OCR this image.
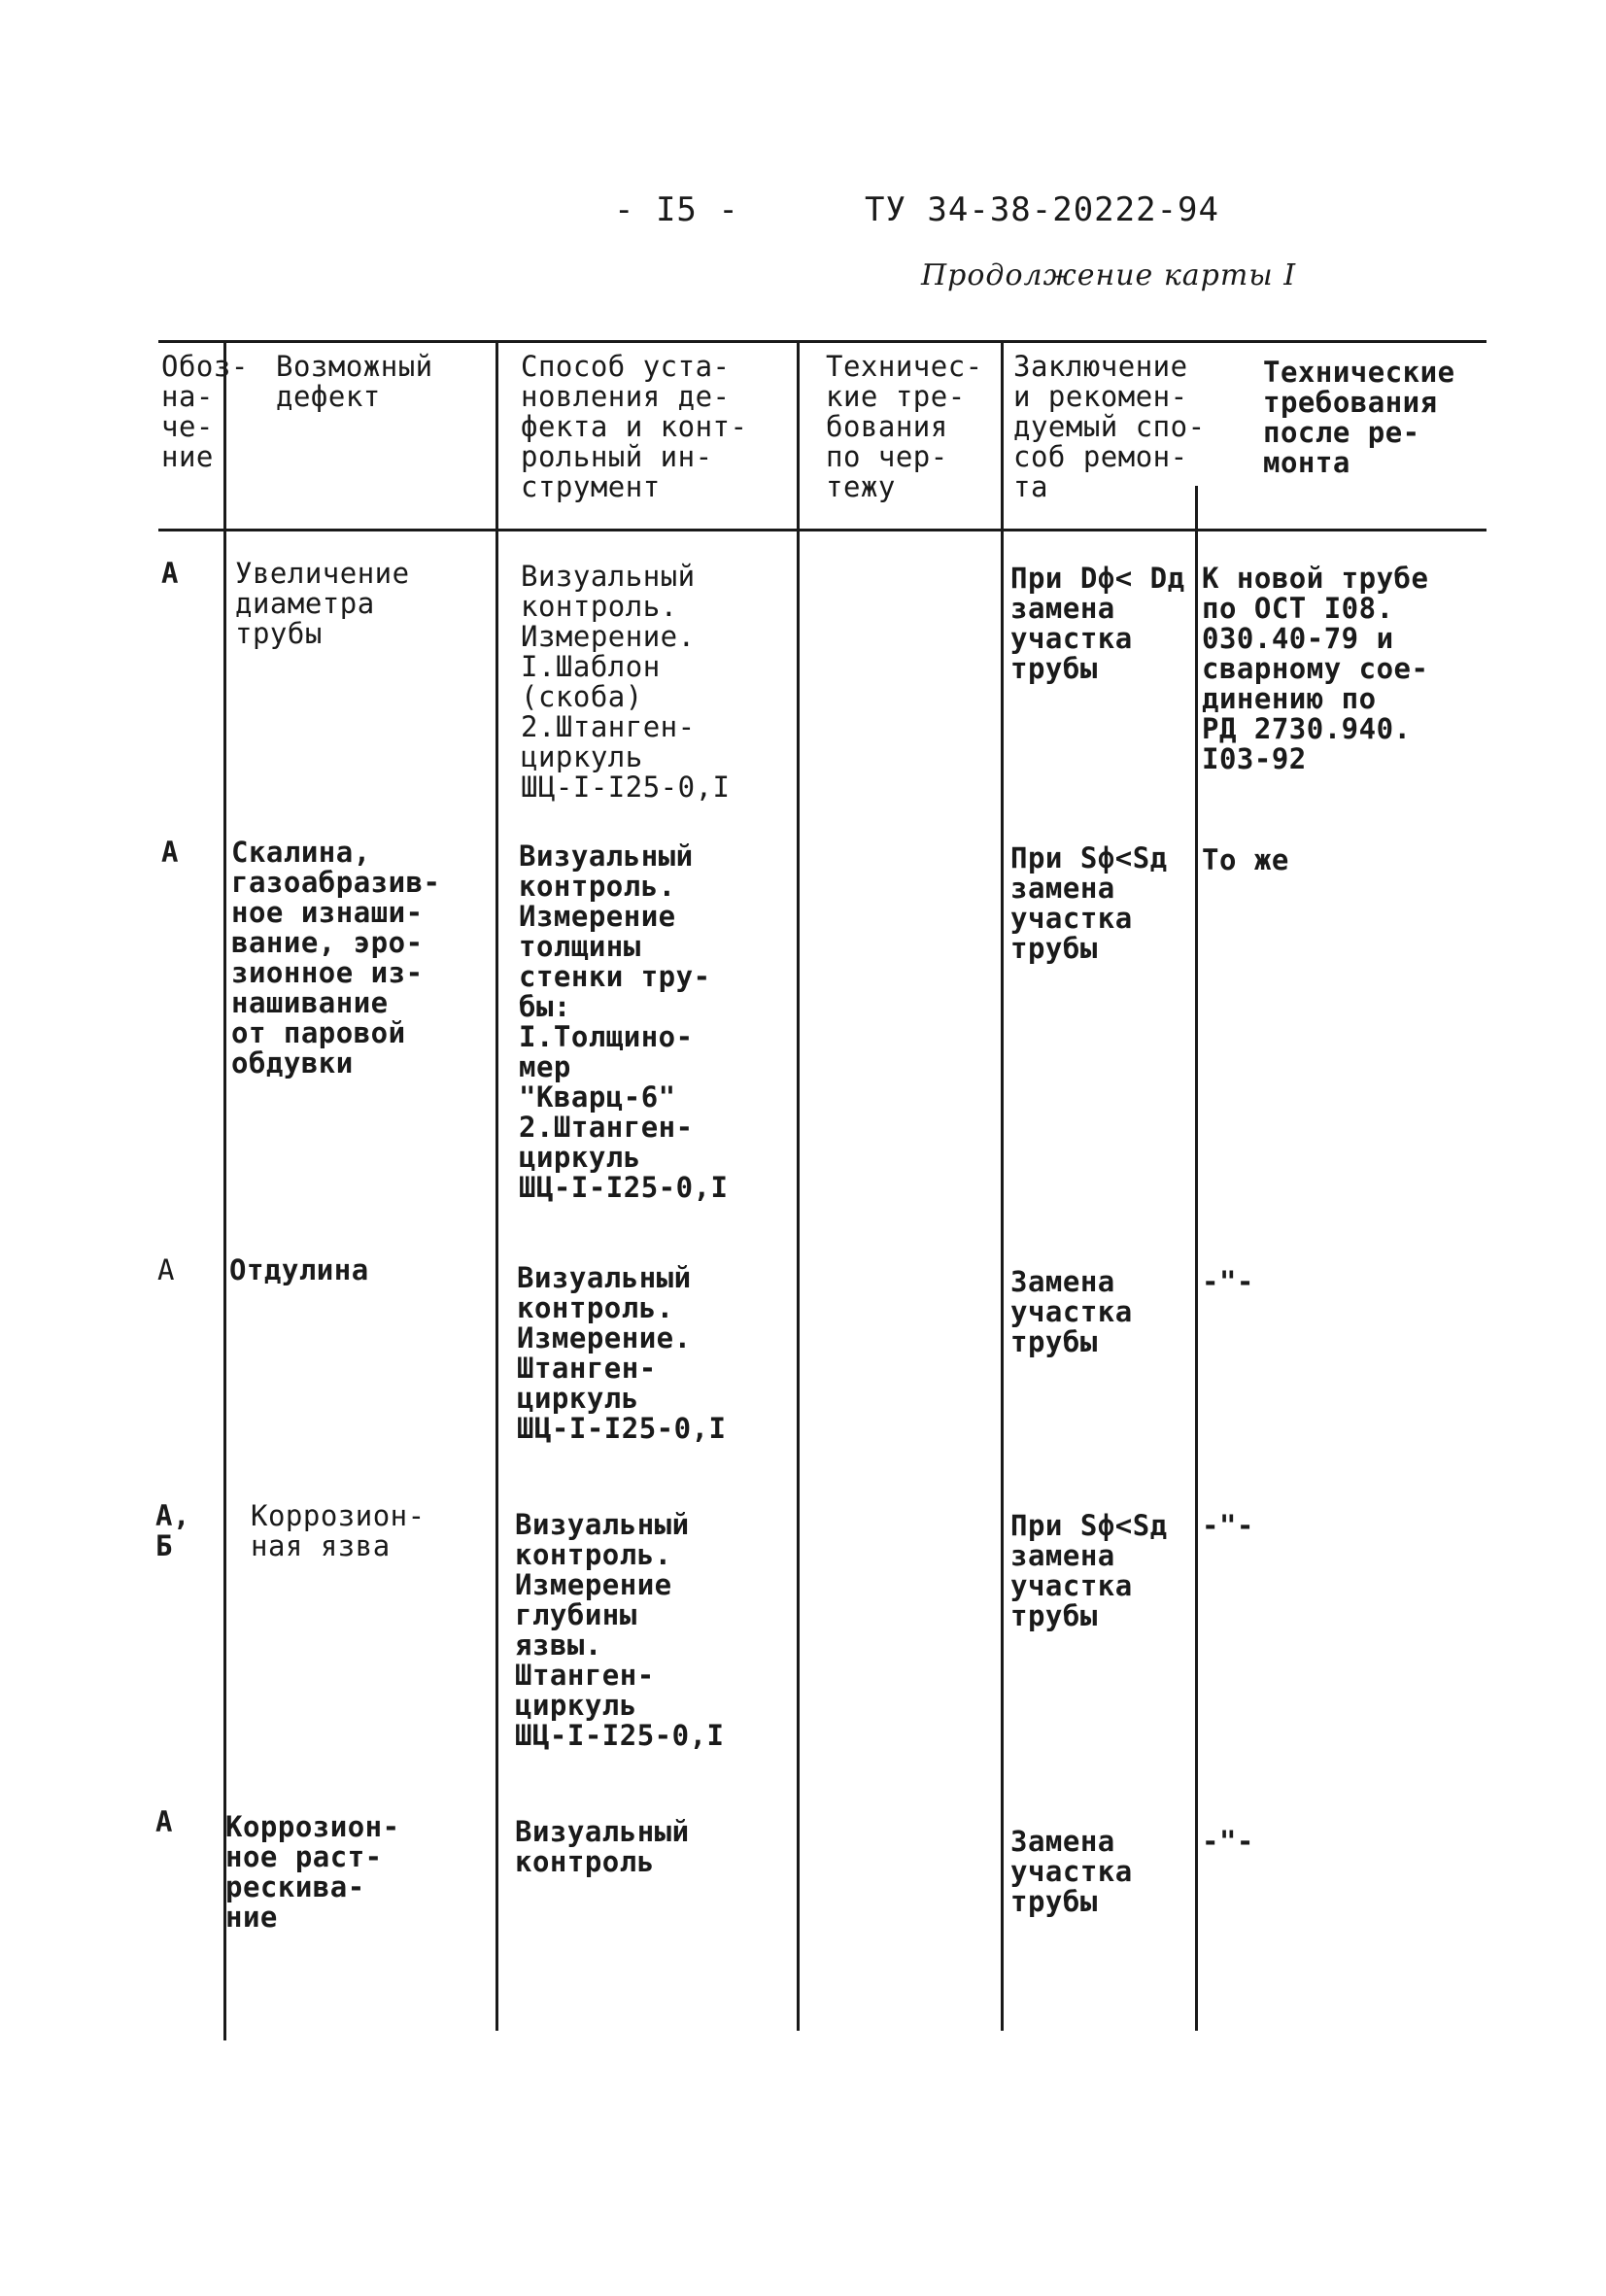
- I5 -	ТУ 34-38-20222-94
Продолжение карты I
Обоз-
на-
че-
ние
Возможный
дефект
Способ уста-
новления де-
фекта и конт-
рольный ин-
струмент
Техничес-
кие тре-
бования
по чер-
тежу
Заключение
и рекомен-
дуемый спо-
соб ремон-
та
Технические
требования
после ре-
монта
А Увеличение
диаметра
трубы
Визуальный
контроль.
Измерение.
I.Шаблон
(скоба)
2.Штанген-
циркуль
ШЦ-I-I25-0,I
При Dф< Dд
замена
участка
трубы
К новой трубе
по ОСТ I08.
030.40-79 и
сварному сое-
динению по
РД 2730.940.
I03-92
А Скалина,
газоабразив-
ное изнаши-
вание, эро-
зионное из-
нашивание
от паровой
обдувки
Визуальный
контроль.
Измерение
толщины
стенки тру-
бы:
I.Толщино-
мер
"Кварц-6"
2.Штанген-
циркуль
ШЦ-I-I25-0,I
При Sф<Sд
замена
участка
трубы
То же
А Отдулина	Визуальный
контроль.
Измерение.
Штанген-
циркуль
ШЦ-I-I25-0,I
Замена
участка
трубы
-"-
А,
Б
Коррозион-
ная язва
Визуальный
контроль.
Измерение
глубины
язвы.
Штанген-
циркуль
ШЦ-I-I25-0,I
При Sф<Sд
замена
участка
трубы
-"-
А Коррозион-
ное раст-
рескива-
ние
Визуальный
контроль
Замена
участка
трубы
-"-
